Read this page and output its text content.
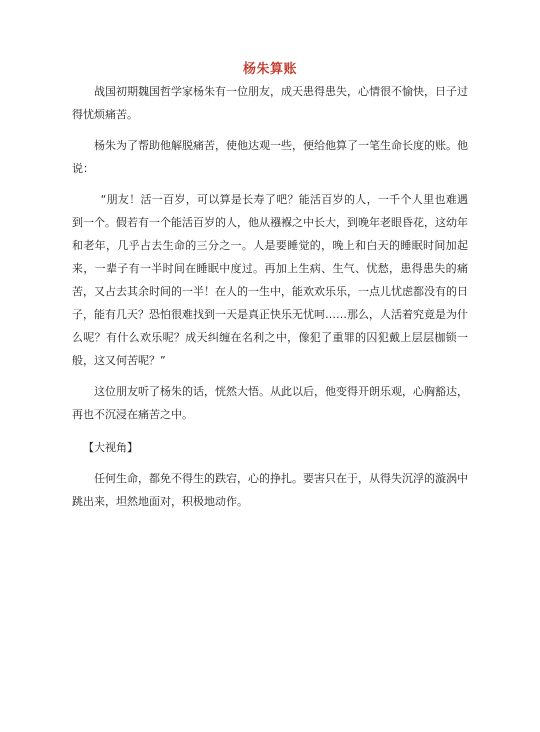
杨朱算账

战国初期魏国哲学家杨朱有一位朋友，成天患得患失，心情很不愉快，日子过得忧烦痛苦。

杨朱为了帮助他解脱痛苦，使他达观一些，便给他算了一笔生命长度的账。他说：

“朋友！活一百岁，可以算是长寿了吧？能活百岁的人，一千个人里也难遇到一个。假若有一个能活百岁的人，他从襁褓之中长大，到晚年老眼昏花，这幼年和老年，几乎占去生命的三分之一。人是要睡觉的，晚上和白天的睡眠时间加起来，一辈子有一半时间在睡眠中度过。再加上生病、生气、忧愁，患得患失的痛苦，又占去其余时间的一半！在人的一生中，能欢欢乐乐，一点儿忧虑都没有的日子，能有几天？恐怕很难找到一天是真正快乐无忧呵……那么，人活着究竟是为什么呢？有什么欢乐呢？成天纠缠在名利之中，像犯了重罪的囚犯戴上层层枷锁一般，这又何苦呢？”

这位朋友听了杨朱的话，恍然大悟。从此以后，他变得开朗乐观，心胸豁达，再也不沉浸在痛苦之中。

【大视角】

任何生命，都免不得生的跌宕，心的挣扎。要害只在于，从得失沉浮的漩涡中跳出来，坦然地面对，积极地动作。
